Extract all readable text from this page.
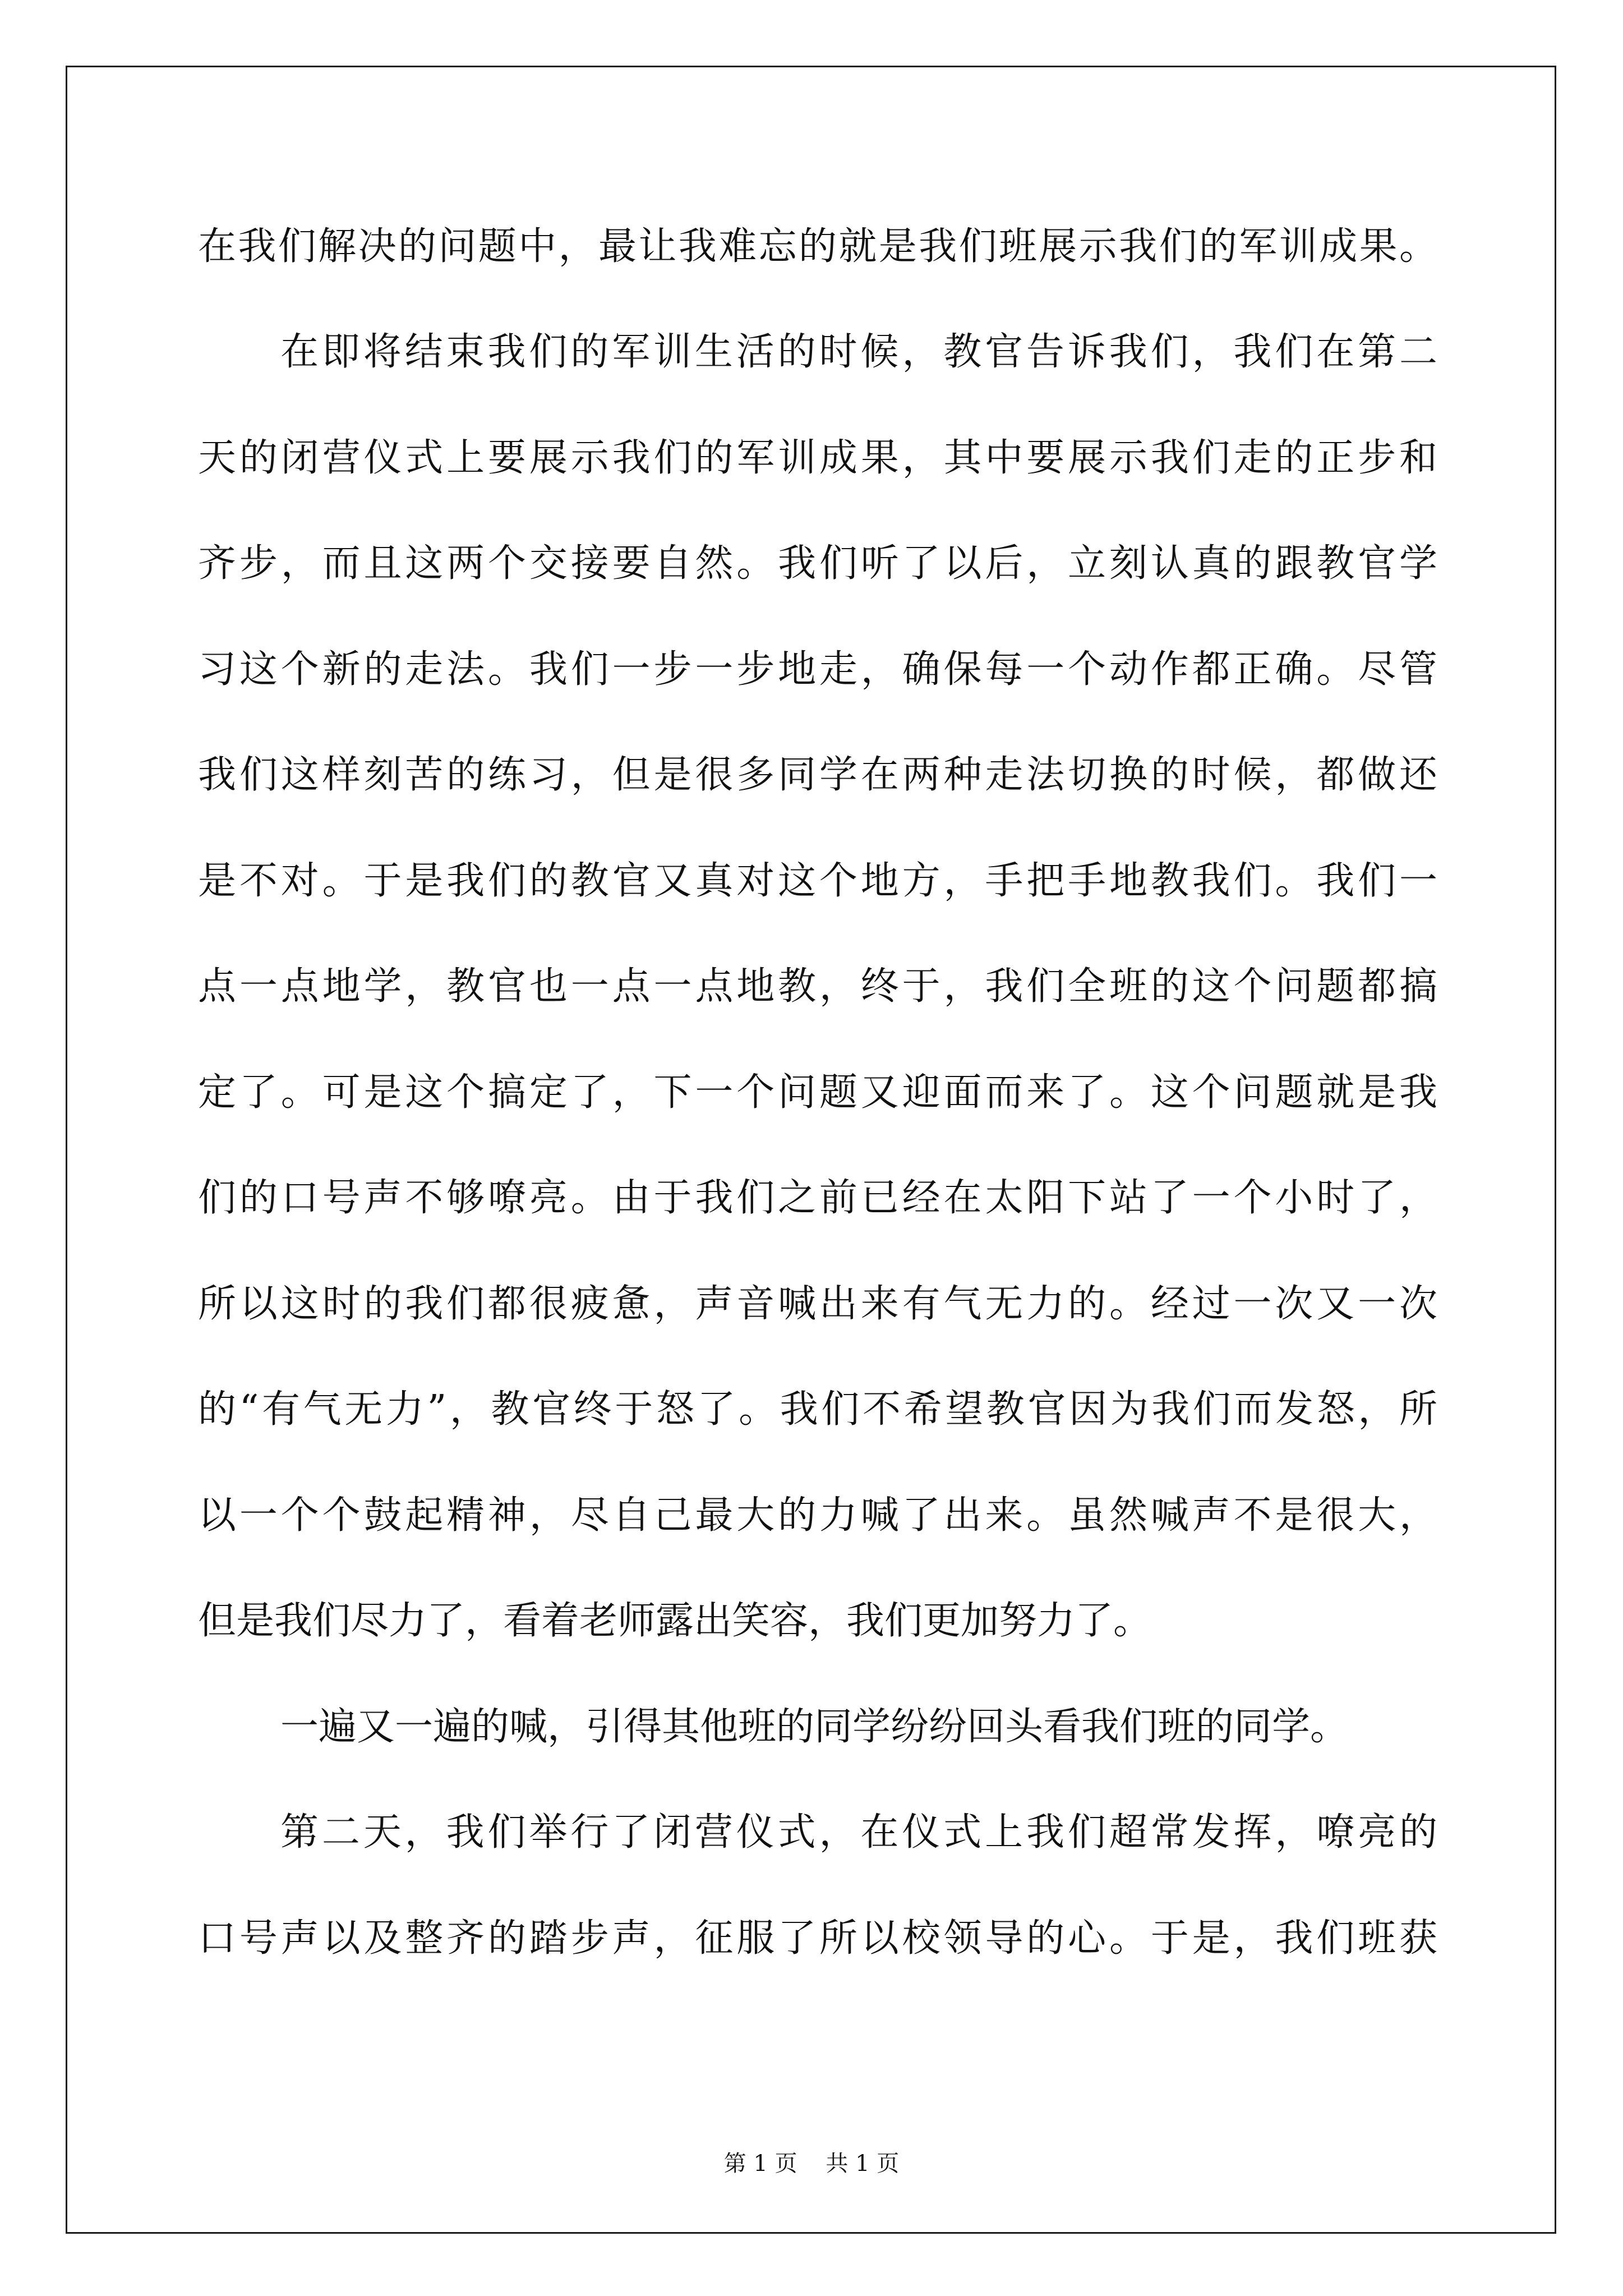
在我们解决的问题中，最让我难忘的就是我们班展示我们的军训成果。
在即将结束我们的军训生活的时候，教官告诉我们，我们在第二
天的闭营仪式上要展示我们的军训成果，其中要展示我们走的正步和
齐步，而且这两个交接要自然。我们听了以后，立刻认真的跟教官学
习这个新的走法。我们一步一步地走，确保每一个动作都正确。尽管
我们这样刻苦的练习，但是很多同学在两种走法切换的时候，都做还
是不对。于是我们的教官又真对这个地方，手把手地教我们。我们一
点一点地学，教官也一点一点地教，终于，我们全班的这个问题都搞
定了。可是这个搞定了，下一个问题又迎面而来了。这个问题就是我
们的口号声不够嘹亮。由于我们之前已经在太阳下站了一个小时了，
所以这时的我们都很疲惫，声音喊出来有气无力的。经过一次又一次
的“有气无力”，教官终于怒了。我们不希望教官因为我们而发怒，所
以一个个鼓起精神，尽自己最大的力喊了出来。虽然喊声不是很大，
但是我们尽力了，看着老师露出笑容，我们更加努力了。
一遍又一遍的喊，引得其他班的同学纷纷回头看我们班的同学。
第二天，我们举行了闭营仪式，在仪式上我们超常发挥，嘹亮的
口号声以及整齐的踏步声，征服了所以校领导的心。于是，我们班获
第 1 页    共 1 页
